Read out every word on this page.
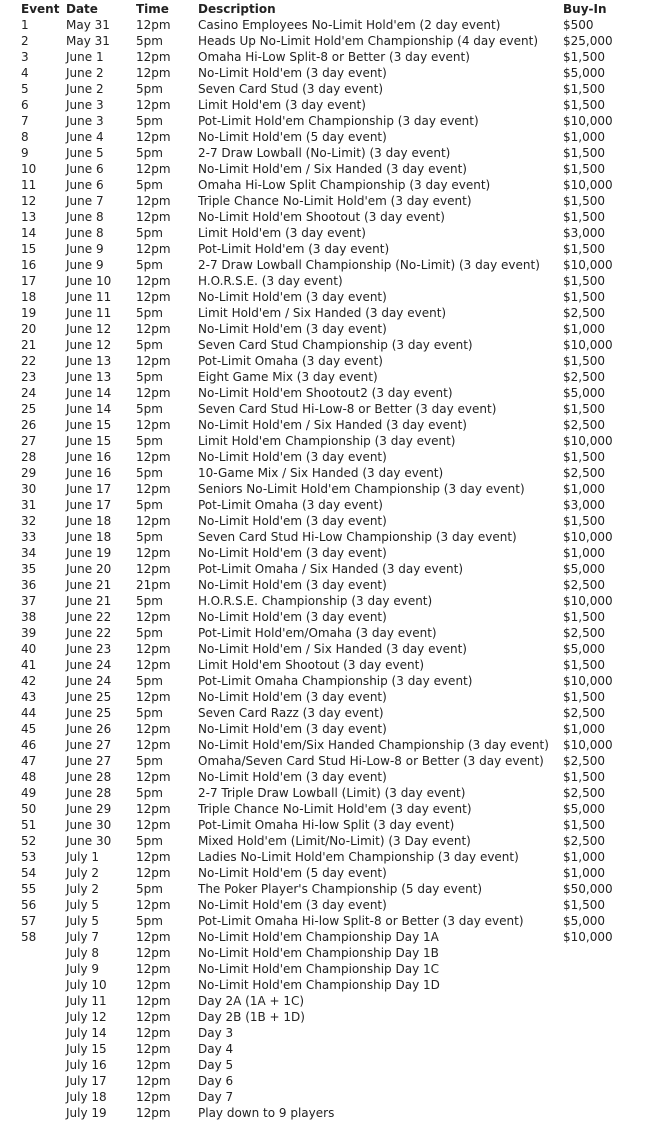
Event Date	Time Description	Buy-In
1	May 31 12pm Casino Employees No-Limit Hold'em (2 day event)	$500
2	May 31 5pm	Heads Up No-Limit Hold'em Championship (4 day event) $25,000
3	June 1	12pm Omaha Hi-Low Split-8 or Better (3 day event)	$1,500
4	June 2	12pm No-Limit Hold'em (3 day event)	$5,000
5	June 2	5pm	Seven Card Stud (3 day event)	$1,500
6	June 3	12pm Limit Hold'em (3 day event)	$1,500
7	June 3	5pm	Pot-Limit Hold'em Championship (3 day event)	$10,000
8	June 4	12pm No-Limit Hold'em (5 day event)	$1,000
9	June 5	5pm	2-7 Draw Lowball (No-Limit) (3 day event)	$1,500
10 June 6	12pm No-Limit Hold'em / Six Handed (3 day event)	$1,500
11 June 6	5pm	Omaha Hi-Low Split Championship (3 day event)	$10,000
12 June 7	12pm Triple Chance No-Limit Hold'em (3 day event)	$1,500
13 June 8	12pm No-Limit Hold'em Shootout (3 day event)	$1,500
14 June 8	5pm	Limit Hold'em (3 day event)	$3,000
15 June 9	12pm Pot-Limit Hold'em (3 day event)	$1,500
16 June 9	5pm	2-7 Draw Lowball Championship (No-Limit) (3 day event) $10,000
17 June 10 12pm H.O.R.S.E. (3 day event)	$1,500
18 June 11 12pm No-Limit Hold'em (3 day event)	$1,500
19 June 11 5pm	Limit Hold'em / Six Handed (3 day event)	$2,500
20 June 12 12pm No-Limit Hold'em (3 day event)	$1,000
21 June 12 5pm	Seven Card Stud Championship (3 day event)	$10,000
22 June 13 12pm Pot-Limit Omaha (3 day event)	$1,500
23 June 13 5pm	Eight Game Mix (3 day event)	$2,500
24 June 14 12pm No-Limit Hold'em Shootout2 (3 day event)	$5,000
25 June 14 5pm	Seven Card Stud Hi-Low-8 or Better (3 day event)	$1,500
26 June 15 12pm No-Limit Hold'em / Six Handed (3 day event)	$2,500
27 June 15 5pm	Limit Hold'em Championship (3 day event)	$10,000
28 June 16 12pm No-Limit Hold'em (3 day event)	$1,500
29 June 16 5pm	10-Game Mix / Six Handed (3 day event)	$2,500
30 June 17 12pm Seniors No-Limit Hold'em Championship (3 day event)	$1,000
31 June 17 5pm	Pot-Limit Omaha (3 day event)	$3,000
32 June 18 12pm No-Limit Hold'em (3 day event)	$1,500
33 June 18 5pm	Seven Card Stud Hi-Low Championship (3 day event)	$10,000
34 June 19 12pm No-Limit Hold'em (3 day event)	$1,000
35 June 20 12pm Pot-Limit Omaha / Six Handed (3 day event)	$5,000
36 June 21 21pm No-Limit Hold'em (3 day event)	$2,500
37 June 21 5pm	H.O.R.S.E. Championship (3 day event)	$10,000
38 June 22 12pm No-Limit Hold'em (3 day event)	$1,500
39 June 22 5pm	Pot-Limit Hold'em/Omaha (3 day event)	$2,500
40 June 23 12pm No-Limit Hold'em / Six Handed (3 day event)	$5,000
41 June 24 12pm Limit Hold'em Shootout (3 day event)	$1,500
42 June 24 5pm	Pot-Limit Omaha Championship (3 day event)	$10,000
43 June 25 12pm No-Limit Hold'em (3 day event)	$1,500
44 June 25 5pm	Seven Card Razz (3 day event)	$2,500
45 June 26 12pm No-Limit Hold'em (3 day event)	$1,000
46 June 27 12pm No-Limit Hold'em/Six Handed Championship (3 day event) $10,000
47 June 27 5pm	Omaha/Seven Card Stud Hi-Low-8 or Better (3 day event) $2,500
48 June 28 12pm No-Limit Hold'em (3 day event)	$1,500
49 June 28 5pm	2-7 Triple Draw Lowball (Limit) (3 day event)	$2,500
50 June 29 12pm Triple Chance No-Limit Hold'em (3 day event)	$5,000
51 June 30 12pm Pot-Limit Omaha Hi-low Split (3 day event)	$1,500
52 June 30 5pm	Mixed Hold'em (Limit/No-Limit) (3 Day event)	$2,500
53 July 1	12pm Ladies No-Limit Hold'em Championship (3 day event)	$1,000
54 July 2	12pm No-Limit Hold'em (5 day event)	$1,000
55 July 2	5pm	The Poker Player's Championship (5 day event)	$50,000
56 July 5	12pm No-Limit Hold'em (3 day event)	$1,500
57 July 5	5pm	Pot-Limit Omaha Hi-low Split-8 or Better (3 day event)	$5,000
58 July 7	12pm No-Limit Hold'em Championship Day 1A	$10,000
July 8	12pm No-Limit Hold'em Championship Day 1B
July 9	12pm No-Limit Hold'em Championship Day 1C
July 10 12pm No-Limit Hold'em Championship Day 1D
July 11 12pm Day 2A (1A + 1C)
July 12 12pm Day 2B (1B + 1D)
July 14 12pm Day 3
July 15 12pm Day 4
July 16 12pm Day 5
July 17 12pm Day 6
July 18 12pm Day 7
July 19 12pm Play down to 9 players
